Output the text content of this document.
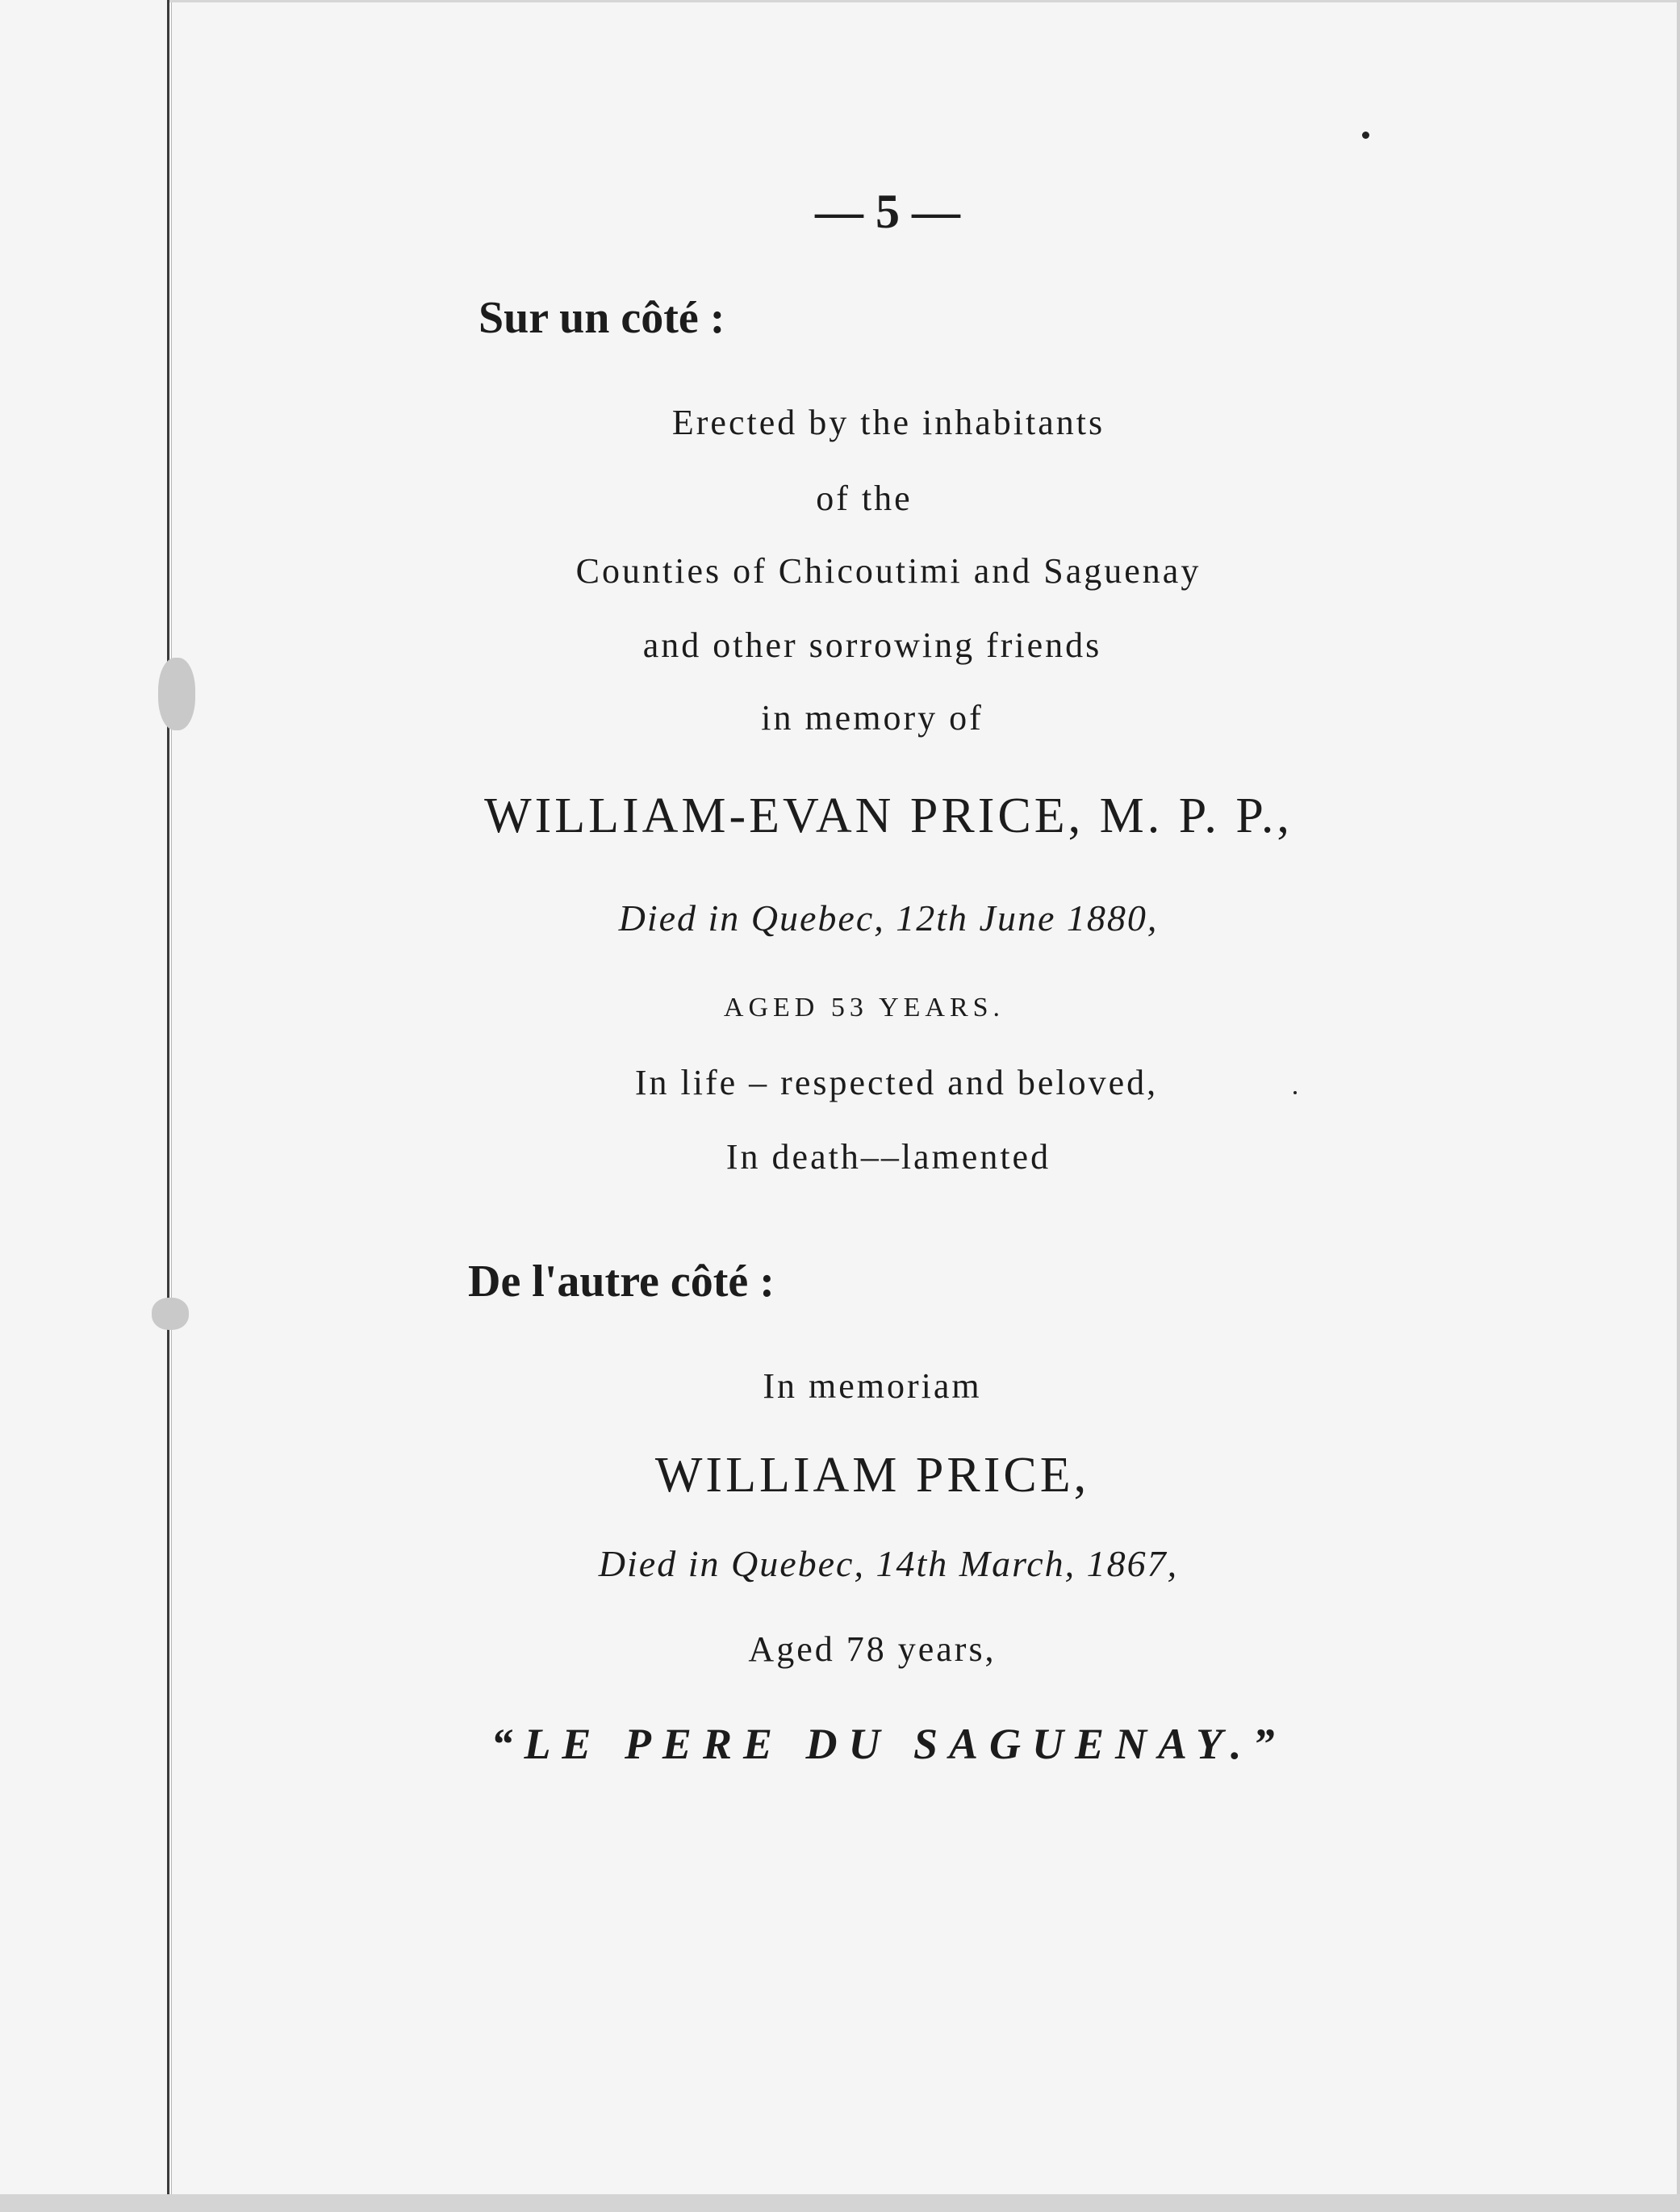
— 5 —
Sur un côté :
Erected by the inhabitants
of the
Counties of Chicoutimi and Saguenay
and other sorrowing friends
in memory of
WILLIAM-EVAN PRICE, M. P. P.,
Died in Quebec, 12th June 1880,
AGED 53 YEARS.
In life – respected and beloved,
In death––lamented
De l'autre côté :
In memoriam
WILLIAM PRICE,
Died in Quebec, 14th March, 1867,
Aged 78 years,
“LE PERE DU SAGUENAY.”
